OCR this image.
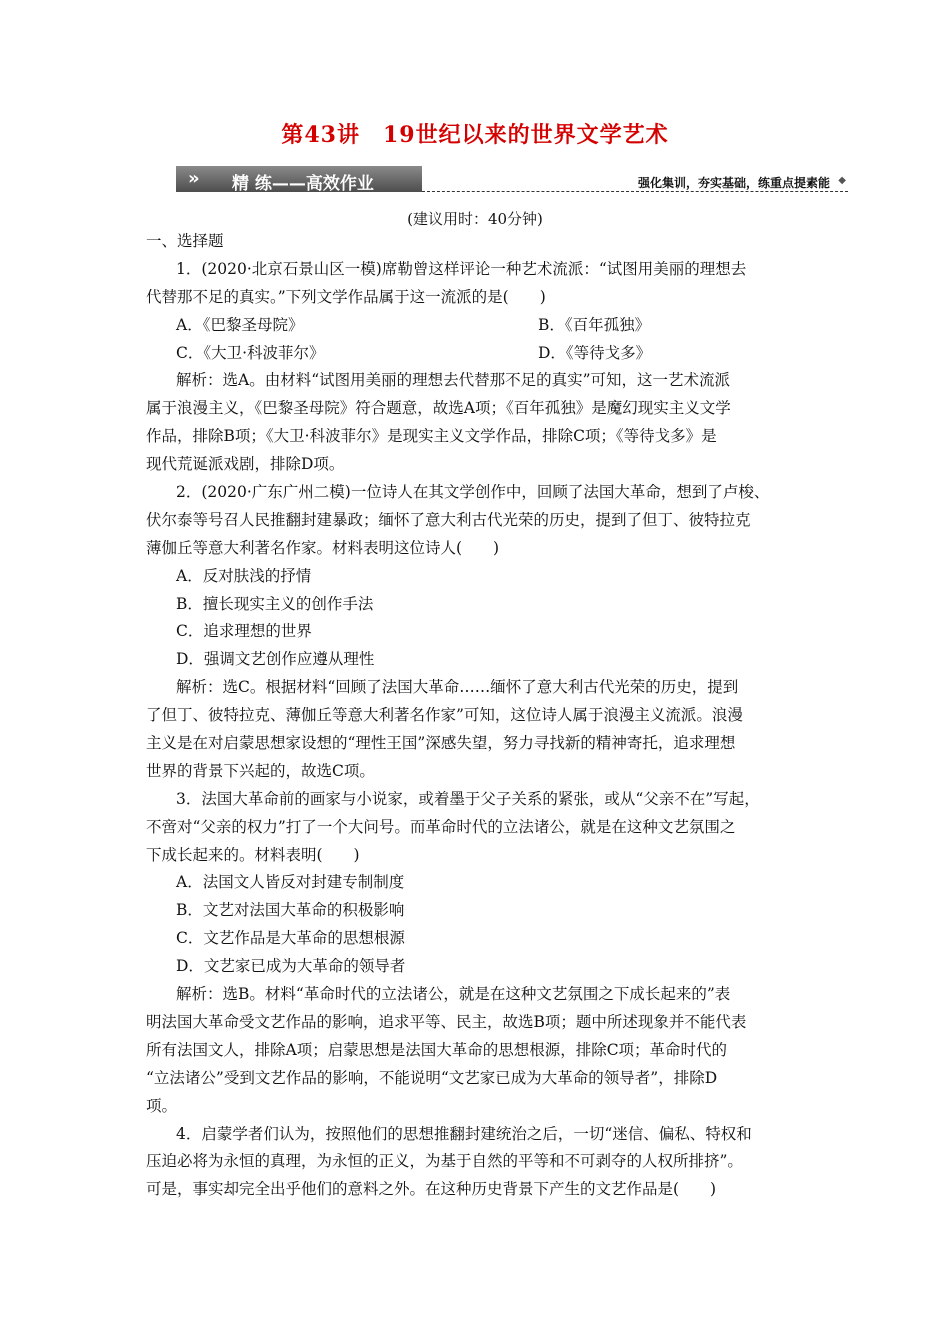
第43讲　19世纪以来的世界文学艺术
» 精 练——高效作业	强化集训，夯实基础，练重点提素能 ◆
(建议用时：40分钟)
一、选择题
1．(2020·北京石景山区一模)席勒曾这样评论一种艺术流派：“试图用美丽的理想去
代替那不足的真实。”下列文学作品属于这一流派的是(　　)
A．《巴黎圣母院》	B．《百年孤独》
C．《大卫·科波菲尔》	D．《等待戈多》
解析：选A。由材料“试图用美丽的理想去代替那不足的真实”可知，这一艺术流派
属于浪漫主义，《巴黎圣母院》符合题意，故选A项；《百年孤独》是魔幻现实主义文学
作品，排除B项；《大卫·科波菲尔》是现实主义文学作品，排除C项；《等待戈多》是
现代荒诞派戏剧，排除D项。
2．(2020·广东广州二模)一位诗人在其文学创作中，回顾了法国大革命，想到了卢梭、
伏尔泰等号召人民推翻封建暴政；缅怀了意大利古代光荣的历史，提到了但丁、彼特拉克
薄伽丘等意大利著名作家。材料表明这位诗人(　　)
A．反对肤浅的抒情
B．擅长现实主义的创作手法
C．追求理想的世界
D．强调文艺创作应遵从理性
解析：选C。根据材料“回顾了法国大革命……缅怀了意大利古代光荣的历史，提到
了但丁、彼特拉克、薄伽丘等意大利著名作家”可知，这位诗人属于浪漫主义流派。浪漫
主义是在对启蒙思想家设想的“理性王国”深感失望，努力寻找新的精神寄托，追求理想
世界的背景下兴起的，故选C项。
3．法国大革命前的画家与小说家，或着墨于父子关系的紧张，或从“父亲不在”写起，
不啻对“父亲的权力”打了一个大问号。而革命时代的立法诸公，就是在这种文艺氛围之
下成长起来的。材料表明(　　)
A．法国文人皆反对封建专制制度
B．文艺对法国大革命的积极影响
C．文艺作品是大革命的思想根源
D．文艺家已成为大革命的领导者
解析：选B。材料“革命时代的立法诸公，就是在这种文艺氛围之下成长起来的”表
明法国大革命受文艺作品的影响，追求平等、民主，故选B项；题中所述现象并不能代表
所有法国文人，排除A项；启蒙思想是法国大革命的思想根源，排除C项；革命时代的
“立法诸公”受到文艺作品的影响，不能说明“文艺家已成为大革命的领导者”，排除D
项。
4．启蒙学者们认为，按照他们的思想推翻封建统治之后，一切“迷信、偏私、特权和
压迫必将为永恒的真理，为永恒的正义，为基于自然的平等和不可剥夺的人权所排挤”。
可是，事实却完全出乎他们的意料之外。在这种历史背景下产生的文艺作品是(　　)
